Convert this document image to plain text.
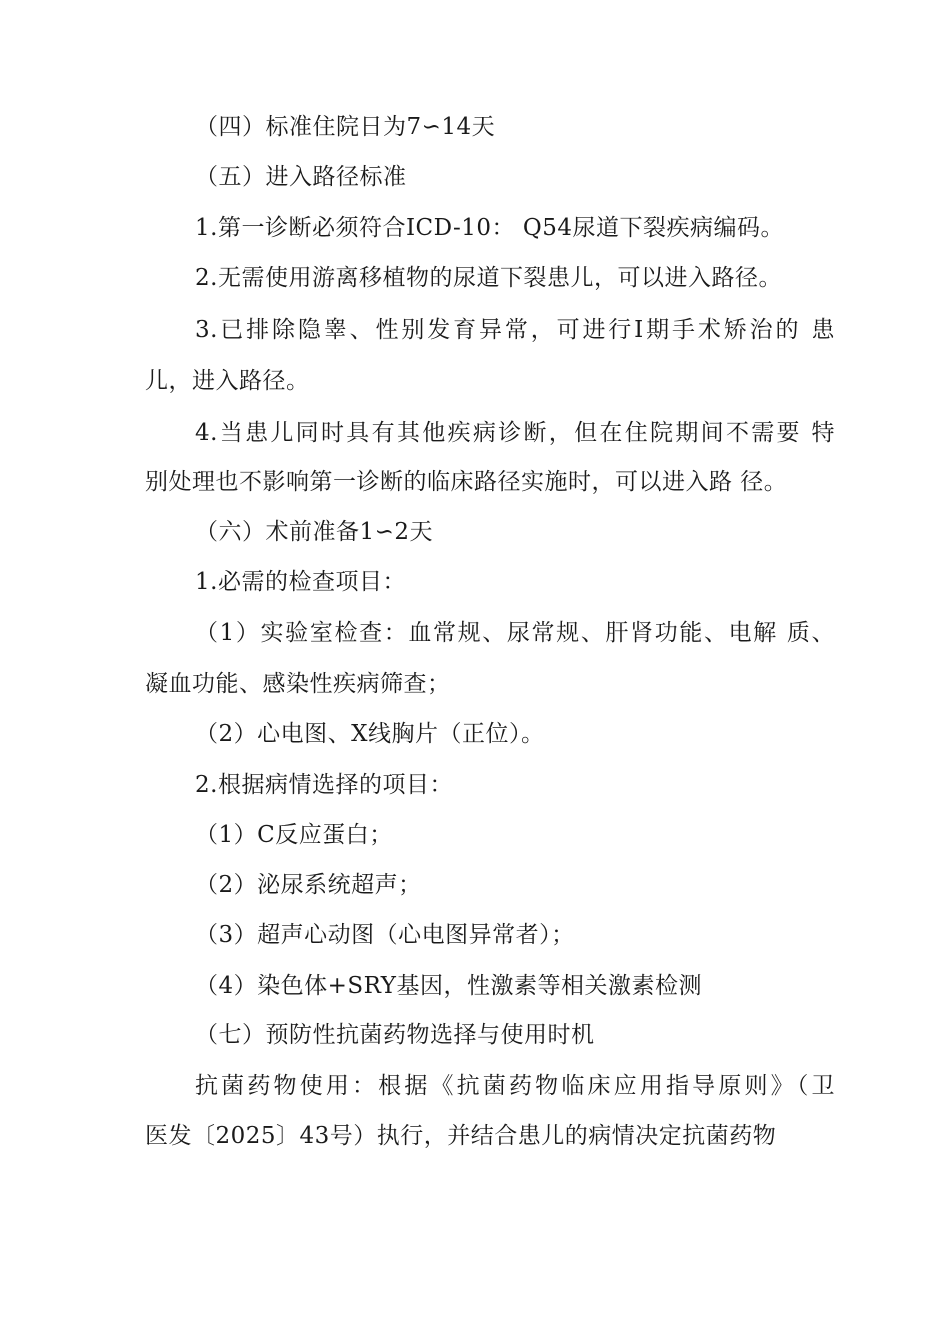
（四）标准住院日为7∽14天
（五）进入路径标准
1.第一诊断必须符合ICD-10： Q54尿道下裂疾病编码。
2.无需使用游离移植物的尿道下裂患儿，可以进入路径。
3.已排除隐睾、性别发育异常，可进行I期手术矫治的 患
儿，进入路径。
4.当患儿同时具有其他疾病诊断，但在住院期间不需要 特
别处理也不影响第一诊断的临床路径实施时，可以进入路 径。
（六）术前准备1∽2天
1.必需的检查项目：
（1）实验室检查：血常规、尿常规、肝肾功能、电解 质、
凝血功能、感染性疾病筛查；
（2）心电图、X线胸片（正位）。
2.根据病情选择的项目：
（1）C反应蛋白；
（2）泌尿系统超声；
（3）超声心动图（心电图异常者）；
（4）染色体+SRY基因，性激素等相关激素检测
（七）预防性抗菌药物选择与使用时机
抗菌药物使用：根据《抗菌药物临床应用指导原则》（卫
医发〔2025〕43号）执行，并结合患儿的病情决定抗菌药物
